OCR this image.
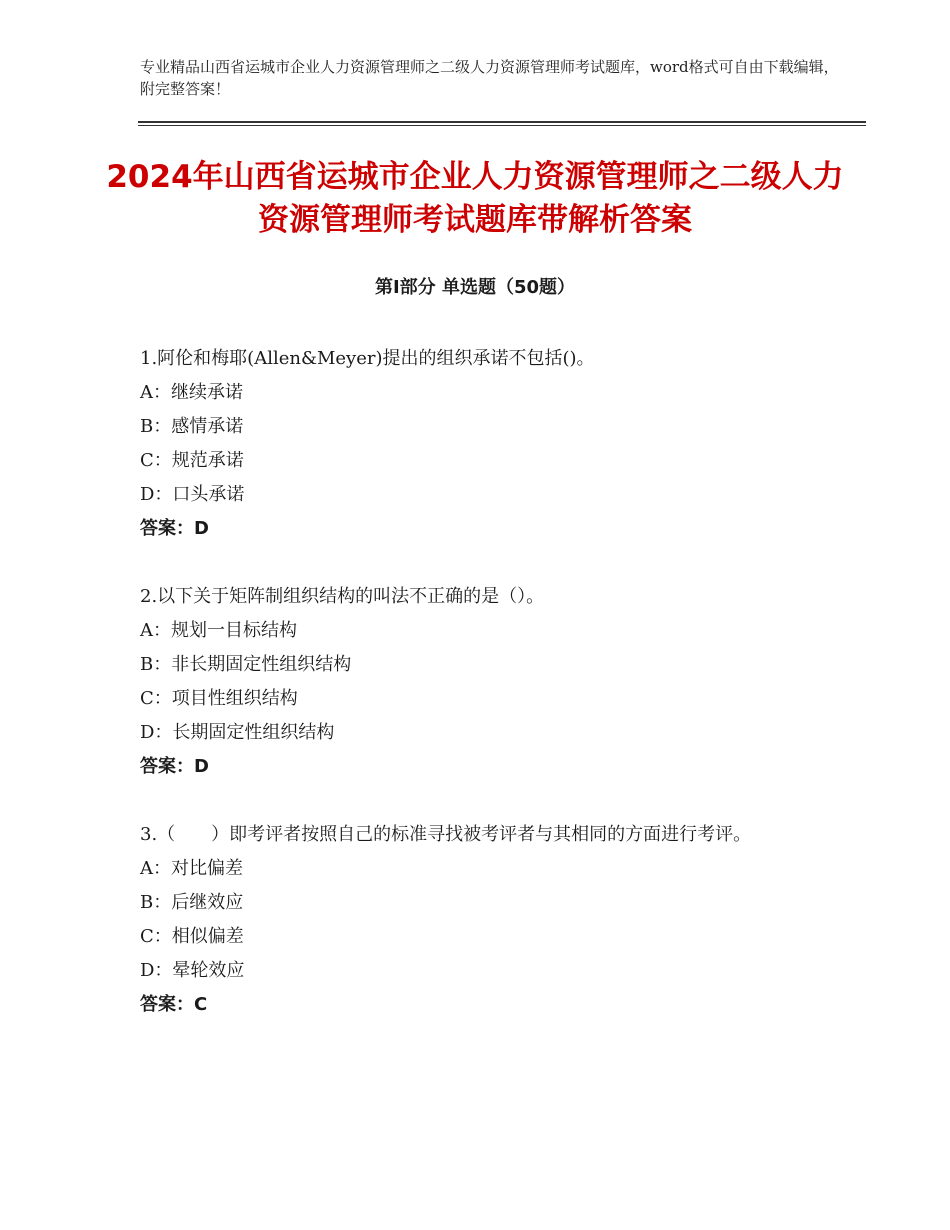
专业精品山西省运城市企业人力资源管理师之二级人力资源管理师考试题库，word格式可自由下载编辑，附完整答案！
2024年山西省运城市企业人力资源管理师之二级人力资源管理师考试题库带解析答案
第Ⅰ部分 单选题（50题）

1.阿伦和梅耶(Allen&Meyer)提出的组织承诺不包括()。

A：继续承诺

B：感情承诺

C：规范承诺

D：口头承诺

答案：D

2.以下关于矩阵制组织结构的叫法不正确的是（）。

A：规划一目标结构

B：非长期固定性组织结构

C：项目性组织结构

D：长期固定性组织结构

答案：D

3.（　　）即考评者按照自己的标准寻找被考评者与其相同的方面进行考评。

A：对比偏差

B：后继效应

C：相似偏差

D：晕轮效应

答案：C
